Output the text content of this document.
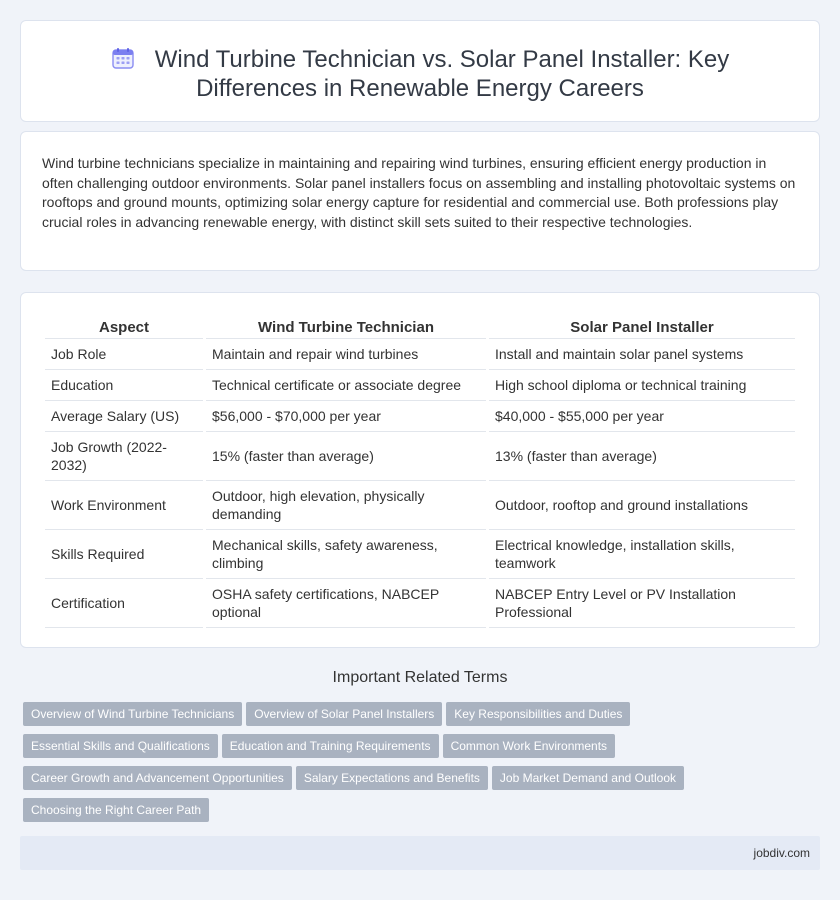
Wind Turbine Technician vs. Solar Panel Installer: Key Differences in Renewable Energy Careers

Wind turbine technicians specialize in maintaining and repairing wind turbines, ensuring efficient energy production in often challenging outdoor environments. Solar panel installers focus on assembling and installing photovoltaic systems on rooftops and ground mounts, optimizing solar energy capture for residential and commercial use. Both professions play crucial roles in advancing renewable energy, with distinct skill sets suited to their respective technologies.

Aspect	Wind Turbine Technician	Solar Panel Installer
Job Role	Maintain and repair wind turbines	Install and maintain solar panel systems
Education	Technical certificate or associate degree	High school diploma or technical training
Average Salary (US)	$56,000 - $70,000 per year	$40,000 - $55,000 per year
Job Growth (2022-2032)	15% (faster than average)	13% (faster than average)
Work Environment	Outdoor, high elevation, physically demanding	Outdoor, rooftop and ground installations
Skills Required	Mechanical skills, safety awareness, climbing	Electrical knowledge, installation skills, teamwork
Certification	OSHA safety certifications, NABCEP optional	NABCEP Entry Level or PV Installation Professional
Important Related Terms
Overview of Wind Turbine Technicians Overview of Solar Panel Installers Key Responsibilities and Duties
Essential Skills and Qualifications Education and Training Requirements Common Work Environments
Career Growth and Advancement Opportunities Salary Expectations and Benefits Job Market Demand and Outlook
Choosing the Right Career Path
jobdiv.com
